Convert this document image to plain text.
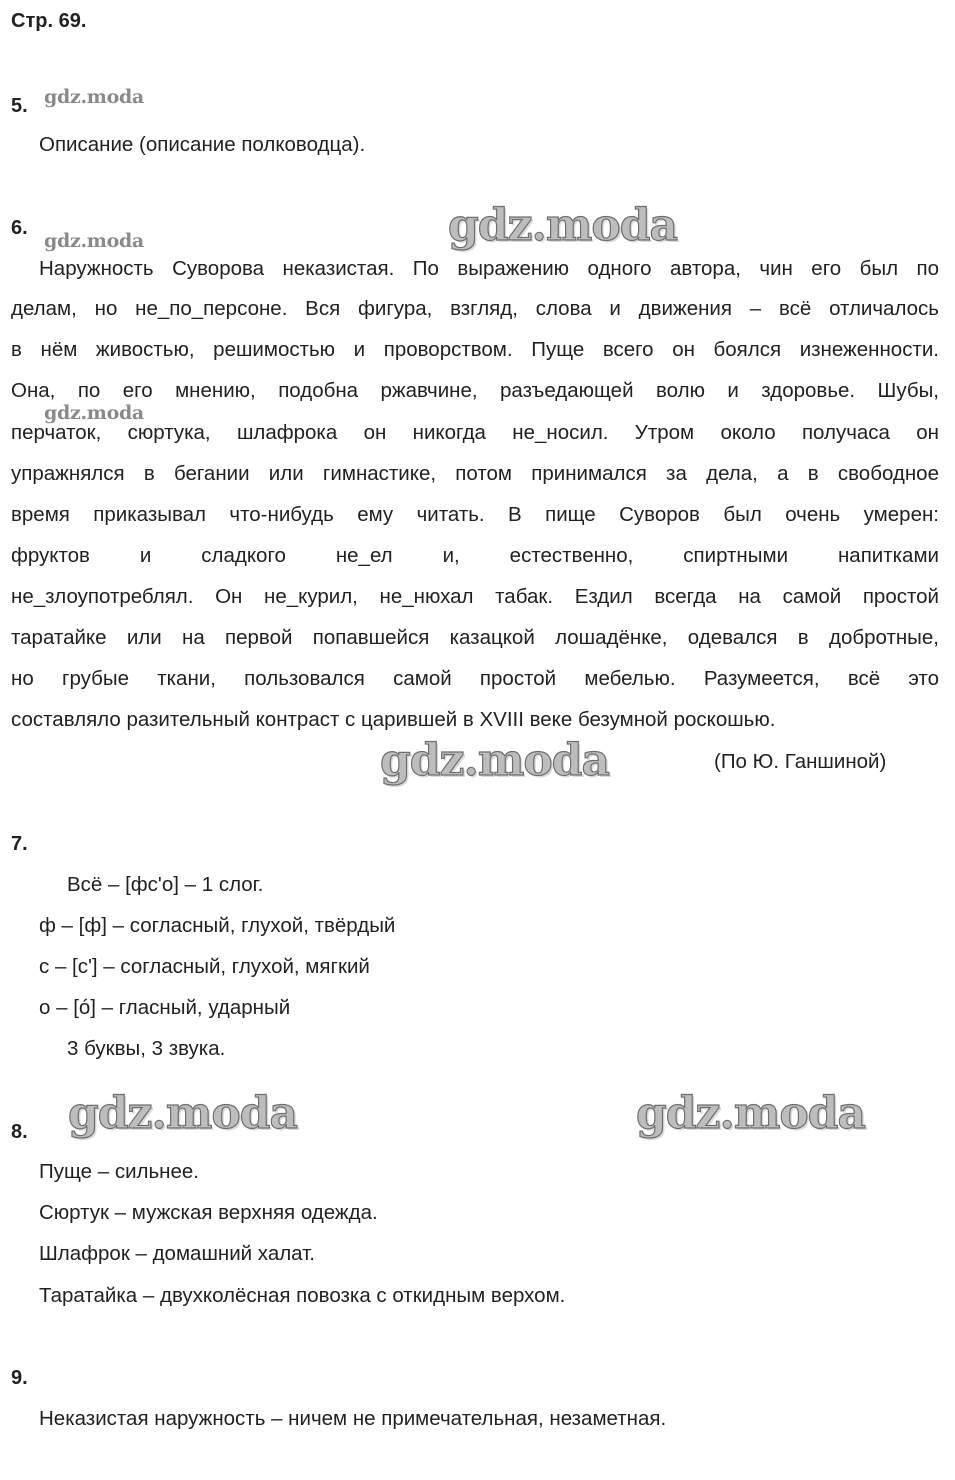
Стр. 69.
5. gdz.moda
Описание (описание полководца).
6.
gdz.moda	gdz.moda
Наружность Суворова неказистая. По выражению одного автора, чин его был по
делам, но не_по_персоне. Вся фигура, взгляд, слова и движения – всё отличалось
в нём живостью, решимостью и проворством. Пуще всего он боялся изнеженности.
Она, по его мнению, подобна ржавчине, разъедающей волю и здоровье. Шубы,
gdz.moda
перчаток, сюртука, шлафрока он никогда не_носил. Утром около получаса он
упражнялся в бегании или гимнастике, потом принимался за дела, а в свободное
время приказывал что-нибудь ему читать. В пище Суворов был очень умерен:
фруктов и сладкого не_ел и, естественно, спиртными напитками
не_злоупотреблял. Он не_курил, не_нюхал табак. Ездил всегда на самой простой
таратайке или на первой попавшейся казацкой лошадёнке, одевался в добротные,
но грубые ткани, пользовался самой простой мебелью. Разумеется, всё это
составляло разительный контраст с царившей в XVIII веке безумной роскошью.
gdz.moda	(По Ю. Ганшиной)
7.
Всё – [фс'о] – 1 слог.
ф – [ф] – согласный, глухой, твёрдый
с – [с'] – согласный, глухой, мягкий
о – [ó] – гласный, ударный
3 буквы, 3 звука.
gdz.moda	gdz.moda
8.
Пуще – сильнее.
Сюртук – мужская верхняя одежда.
Шлафрок – домашний халат.
Таратайка – двухколёсная повозка с откидным верхом.
9.
Неказистая наружность – ничем не примечательная, незаметная.
